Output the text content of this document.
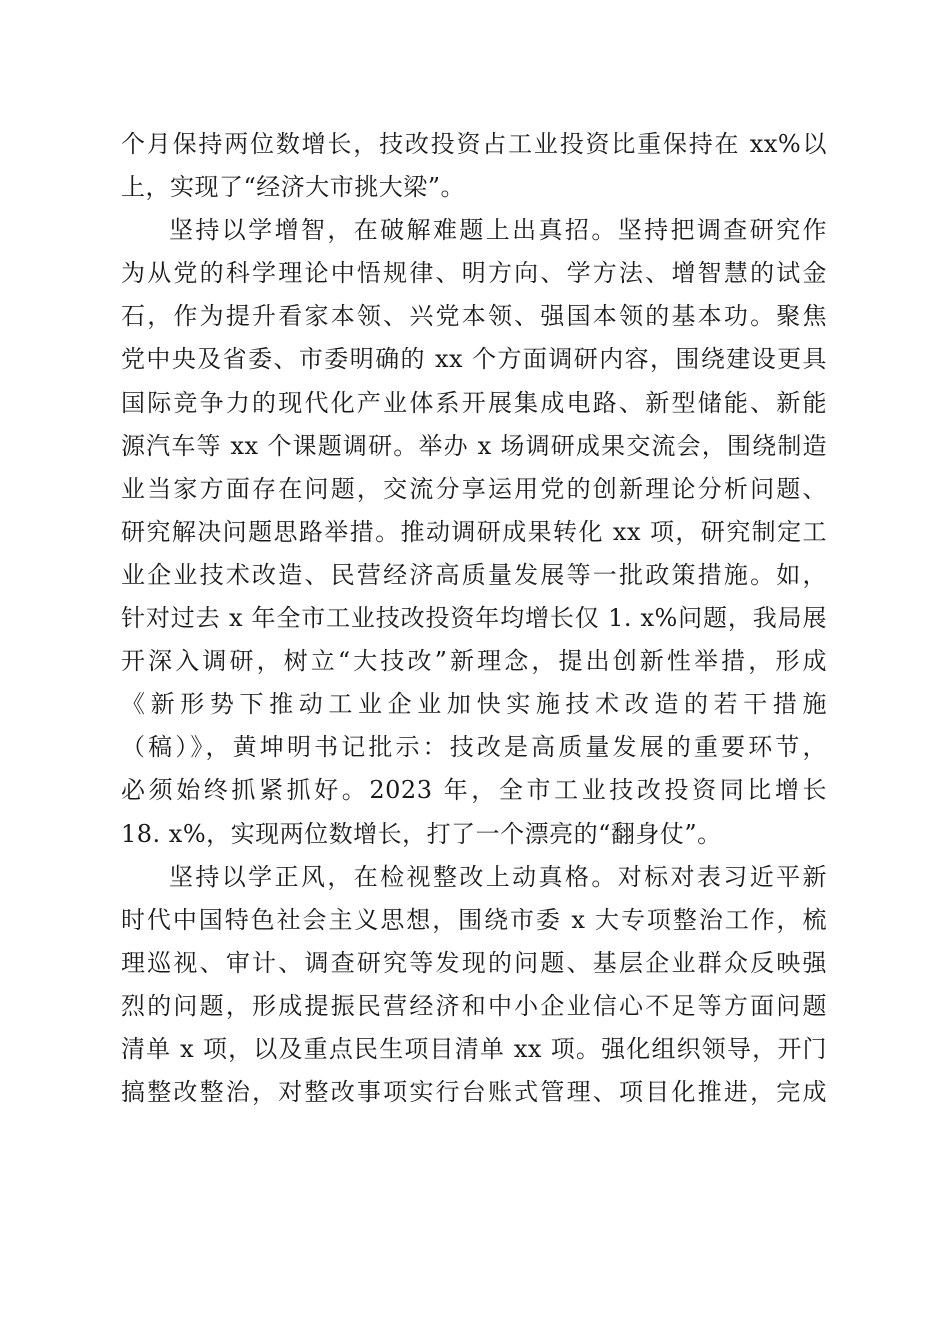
个月保持两位数增长，技改投资占工业投资比重保持在 xx%以
上，实现了“经济大市挑大梁”。
坚持以学增智，在破解难题上出真招。坚持把调查研究作
为从党的科学理论中悟规律、明方向、学方法、增智慧的试金
石，作为提升看家本领、兴党本领、强国本领的基本功。聚焦
党中央及省委、市委明确的 xx 个方面调研内容，围绕建设更具
国际竞争力的现代化产业体系开展集成电路、新型储能、新能
源汽车等 xx 个课题调研。举办 x 场调研成果交流会，围绕制造
业当家方面存在问题，交流分享运用党的创新理论分析问题、
研究解决问题思路举措。推动调研成果转化 xx 项，研究制定工
业企业技术改造、民营经济高质量发展等一批政策措施。如，
针对过去 x 年全市工业技改投资年均增长仅 1. x%问题，我局展
开深入调研，树立“大技改”新理念，提出创新性举措，形成
《新形势下推动工业企业加快实施技术改造的若干措施
（稿）》，黄坤明书记批示：技改是高质量发展的重要环节，
必须始终抓紧抓好。2023 年，全市工业技改投资同比增长
18. x%，实现两位数增长，打了一个漂亮的“翻身仗”。
坚持以学正风，在检视整改上动真格。对标对表习近平新
时代中国特色社会主义思想，围绕市委 x 大专项整治工作，梳
理巡视、审计、调查研究等发现的问题、基层企业群众反映强
烈的问题，形成提振民营经济和中小企业信心不足等方面问题
清单 x 项，以及重点民生项目清单 xx 项。强化组织领导，开门
搞整改整治，对整改事项实行台账式管理、项目化推进，完成
